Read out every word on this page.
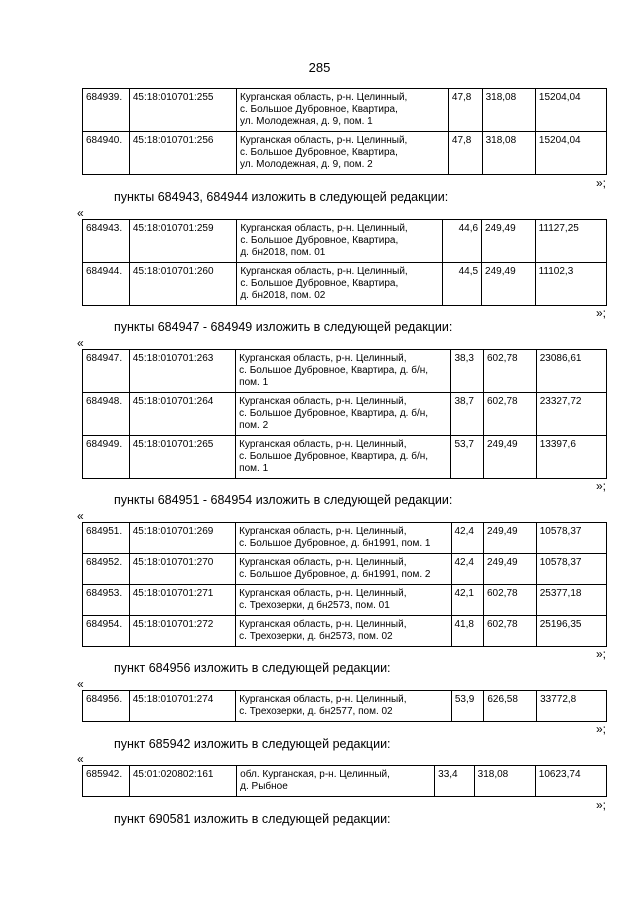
285
684939.	45:18:010701:255	Курганская область, р-н. Целинный,
с. Большое Дубровное, Квартира,
ул. Молодежная, д. 9, пом. 1	47,8	318,08	15204,04
684940.	45:18:010701:256	Курганская область, р-н. Целинный,
с. Большое Дубровное, Квартира,
ул. Молодежная, д. 9, пом. 2	47,8	318,08	15204,04
»;
пункты 684943, 684944 изложить в следующей редакции:
«
684943.	45:18:010701:259	Курганская область, р-н. Целинный,
с. Большое Дубровное, Квартира,
д. бн2018, пом. 01	44,6	249,49	11127,25
684944.	45:18:010701:260	Курганская область, р-н. Целинный,
с. Большое Дубровное, Квартира,
д. бн2018, пом. 02	44,5	249,49	11102,3
»;
пункты 684947 - 684949 изложить в следующей редакции:
«
684947.	45:18:010701:263	Курганская область, р-н. Целинный,
с. Большое Дубровное, Квартира, д. б/н,
пом. 1	38,3	602,78	23086,61
684948.	45:18:010701:264	Курганская область, р-н. Целинный,
с. Большое Дубровное, Квартира, д. б/н,
пом. 2	38,7	602,78	23327,72
684949.	45:18:010701:265	Курганская область, р-н. Целинный,
с. Большое Дубровное, Квартира, д. б/н,
пом. 1	53,7	249,49	13397,6
»;
пункты 684951 - 684954 изложить в следующей редакции:
«
684951.	45:18:010701:269	Курганская область, р-н. Целинный,
с. Большое Дубровное, д. бн1991, пом. 1	42,4	249,49	10578,37
684952.	45:18:010701:270	Курганская область, р-н. Целинный,
с. Большое Дубровное, д. бн1991, пом. 2	42,4	249,49	10578,37
684953.	45:18:010701:271	Курганская область, р-н. Целинный,
с. Трехозерки, д бн2573, пом. 01	42,1	602,78	25377,18
684954.	45:18:010701:272	Курганская область, р-н. Целинный,
с. Трехозерки, д. бн2573, пом. 02	41,8	602,78	25196,35
»;
пункт 684956 изложить в следующей редакции:
«
684956.	45:18:010701:274	Курганская область, р-н. Целинный,
с. Трехозерки, д. бн2577, пом. 02
	53,9	626,58	33772,8
»;
пункт 685942 изложить в следующей редакции:
«
685942.	45:01:020802:161	обл. Курганская, р-н. Целинный,
д. Рыбное
	33,4	318,08	10623,74
»;
пункт 690581 изложить в следующей редакции:
